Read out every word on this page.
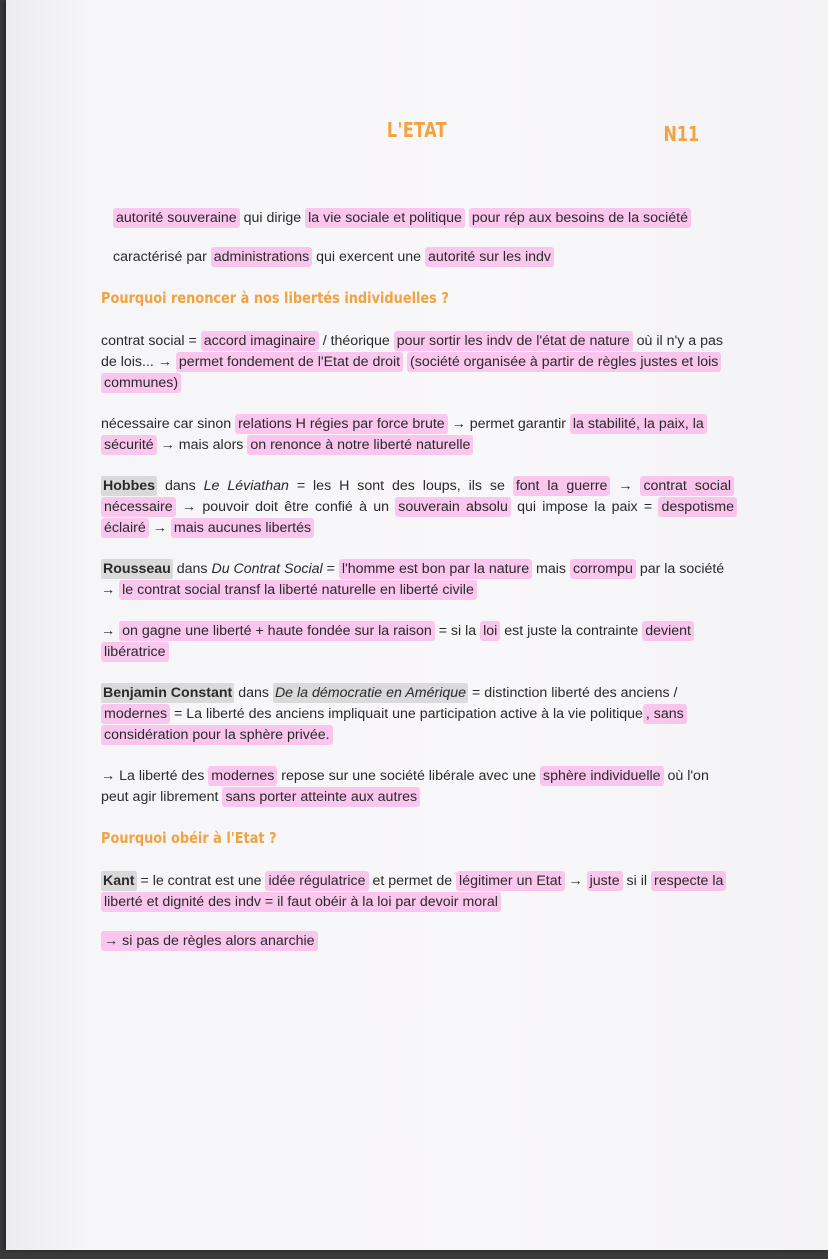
L'ETAT	N11

autorité souveraine qui dirige la vie sociale et politique pour rép aux besoins de la société

caractérisé par administrations qui exercent une autorité sur les indv

Pourquoi renoncer à nos libertés individuelles ?

contrat social = accord imaginaire / théorique pour sortir les indv de l'état de nature où il n'y a pas de lois... → permet fondement de l'Etat de droit (société organisée à partir de règles justes et lois communes)

nécessaire car sinon relations H régies par force brute → permet garantir la stabilité, la paix, la sécurité → mais alors on renonce à notre liberté naturelle

Hobbes dans Le Léviathan = les H sont des loups, ils se font la guerre → contrat social nécessaire → pouvoir doit être confié à un souverain absolu qui impose la paix = despotisme éclairé → mais aucunes libertés

Rousseau dans Du Contrat Social = l'homme est bon par la nature mais corrompu par la société → le contrat social transf la liberté naturelle en liberté civile

→ on gagne une liberté + haute fondée sur la raison = si la loi est juste la contrainte devient libératrice

Benjamin Constant dans De la démocratie en Amérique = distinction liberté des anciens / modernes = La liberté des anciens impliquait une participation active à la vie politique , sans considération pour la sphère privée.

→ La liberté des modernes repose sur une société libérale avec une sphère individuelle où l'on peut agir librement sans porter atteinte aux autres

Pourquoi obéir à l'Etat ?

Kant = le contrat est une idée régulatrice et permet de légitimer un Etat → juste si il respecte la liberté et dignité des indv = il faut obéir à la loi par devoir moral

→ si pas de règles alors anarchie
